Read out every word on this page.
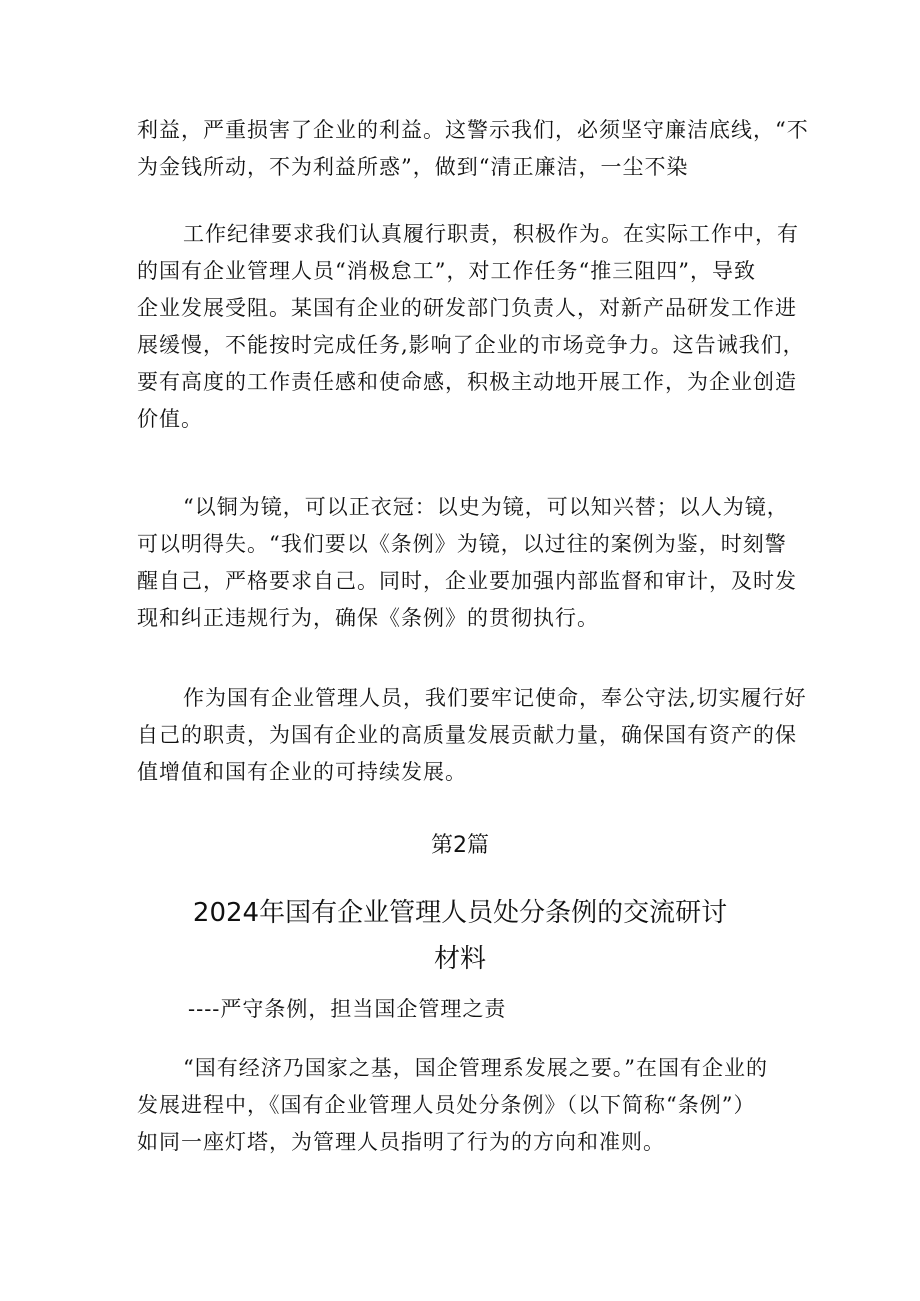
利益，严重损害了企业的利益。这警示我们，必须坚守廉洁底线，“不
为金钱所动，不为利益所惑”，做到“清正廉洁，一尘不染
工作纪律要求我们认真履行职责，积极作为。在实际工作中，有
的国有企业管理人员“消极怠工”，对工作任务“推三阻四”，导致
企业发展受阻。某国有企业的研发部门负责人，对新产品研发工作进
展缓慢，不能按时完成任务,影响了企业的市场竞争力。这告诫我们，
要有高度的工作责任感和使命感，积极主动地开展工作，为企业创造
价值。
“以铜为镜，可以正衣冠：以史为镜，可以知兴替；以人为镜，
可以明得失。“我们要以《条例》为镜，以过往的案例为鉴，时刻警
醒自己，严格要求自己。同时，企业要加强内部监督和审计，及时发
现和纠正违规行为，确保《条例》的贯彻执行。
作为国有企业管理人员，我们要牢记使命，奉公守法,切实履行好
自己的职责，为国有企业的高质量发展贡献力量，确保国有资产的保
值增值和国有企业的可持续发展。
第2篇
2024年国有企业管理人员处分条例的交流研讨
材料
----严守条例，担当国企管理之责
“国有经济乃国家之基，国企管理系发展之要。”在国有企业的
发展进程中，《国有企业管理人员处分条例》（以下简称“条例”）
如同一座灯塔，为管理人员指明了行为的方向和准则。
